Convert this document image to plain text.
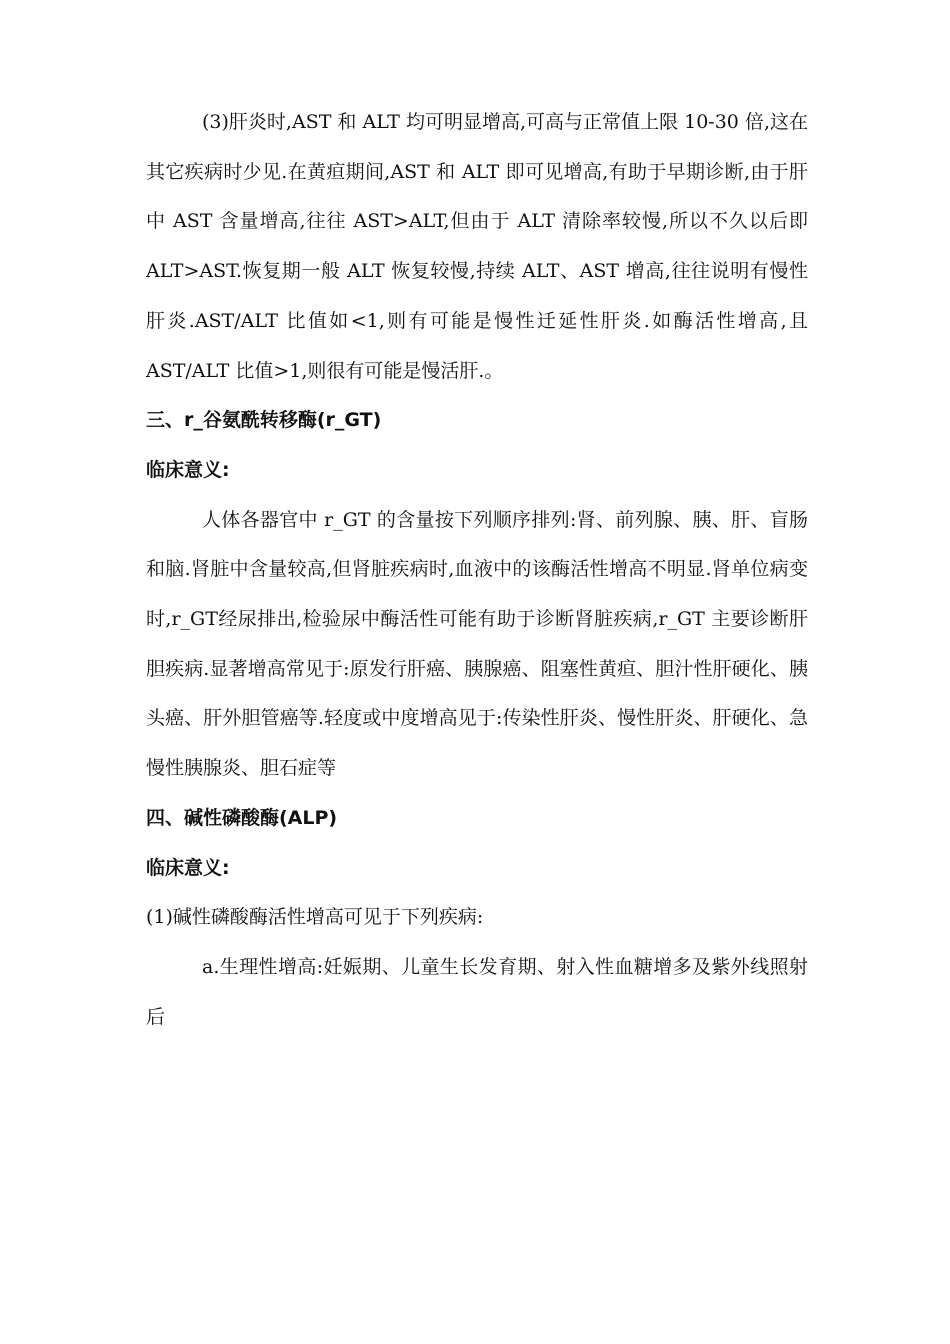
(3)肝炎时,AST 和 ALT 均可明显增高,可高与正常值上限 10-30 倍,这在其它疾病时少见.在黄疸期间,AST 和 ALT 即可见增高,有助于早期诊断,由于肝中 AST 含量增高,往往 AST>ALT,但由于 ALT 清除率较慢,所以不久以后即 ALT>AST.恢复期一般 ALT 恢复较慢,持续 ALT、AST 增高,往往说明有慢性肝炎.AST/ALT 比值如<1,则有可能是慢性迁延性肝炎.如酶活性增高,且 AST/ALT 比值>1,则很有可能是慢活肝.。

三、r_谷氨酰转移酶(r_GT)

临床意义:

人体各器官中 r_GT 的含量按下列顺序排列:肾、前列腺、胰、肝、盲肠和脑.肾脏中含量较高,但肾脏疾病时,血液中的该酶活性增高不明显.肾单位病变时,r_GT经尿排出,检验尿中酶活性可能有助于诊断肾脏疾病,r_GT 主要诊断肝胆疾病.显著增高常见于:原发行肝癌、胰腺癌、阻塞性黄疸、胆汁性肝硬化、胰头癌、肝外胆管癌等.轻度或中度增高见于:传染性肝炎、慢性肝炎、肝硬化、急慢性胰腺炎、胆石症等

四、碱性磷酸酶(ALP)

临床意义:

(1)碱性磷酸酶活性增高可见于下列疾病:

a.生理性增高:妊娠期、儿童生长发育期、射入性血糖增多及紫外线照射后
